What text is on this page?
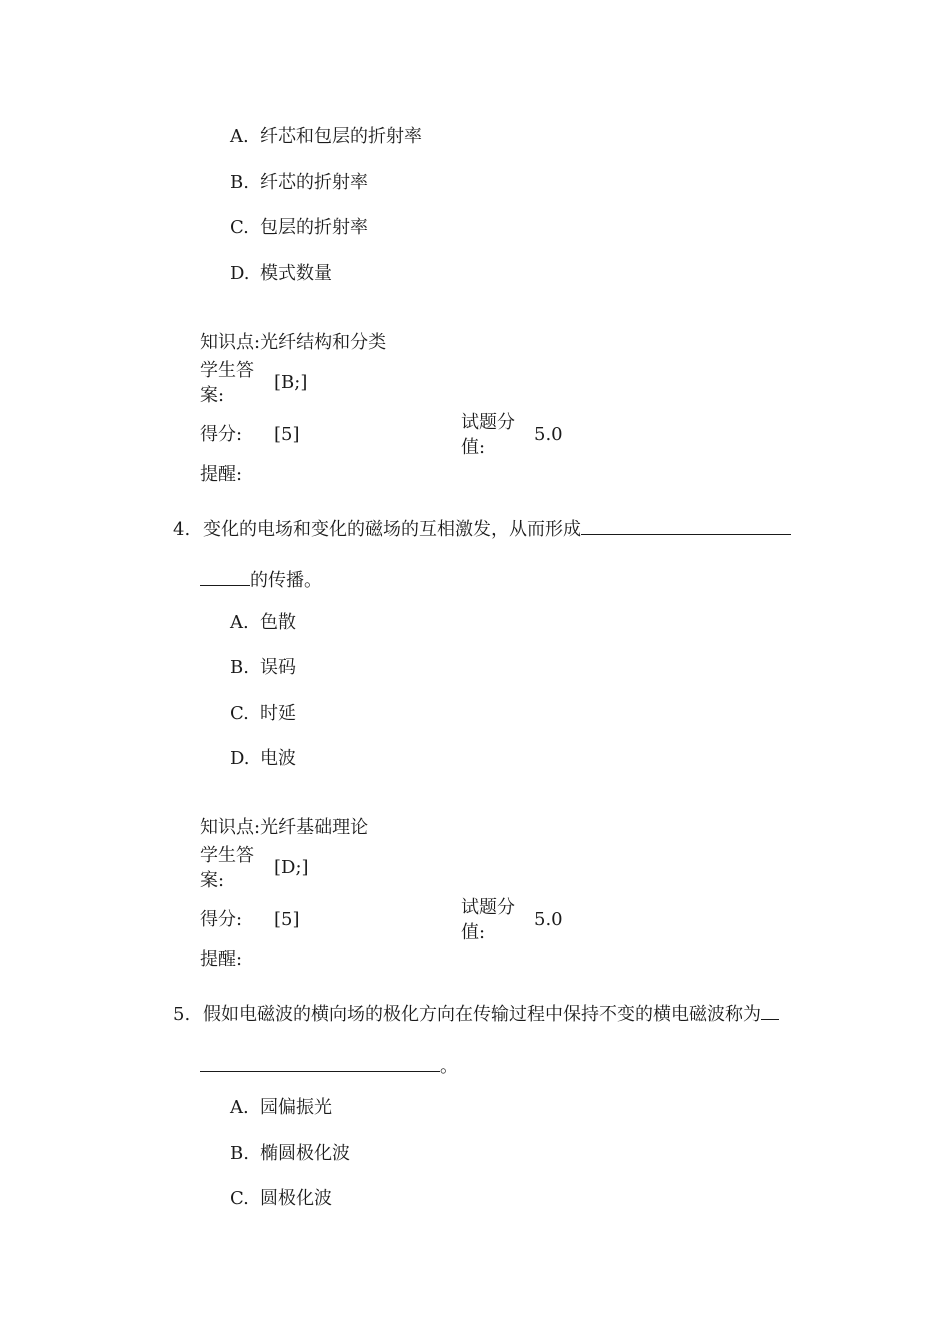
A. 纤芯和包层的折射率
B. 纤芯的折射率
C. 包层的折射率
D. 模式数量
知识点:光纤结构和分类
学生答
案:
[B;]
得分: [5]
试题分
值:
5.0
提醒:
4. 变化的电场和变化的磁场的互相激发，从而形成
的传播。
A. 色散
B. 误码
C. 时延
D. 电波
知识点:光纤基础理论
学生答
案:
[D;]
得分: [5]
试题分
值:
5.0
提醒:
5. 假如电磁波的横向场的极化方向在传输过程中保持不变的横电磁波称为
。
A. 园偏振光
B. 椭圆极化波
C. 圆极化波
